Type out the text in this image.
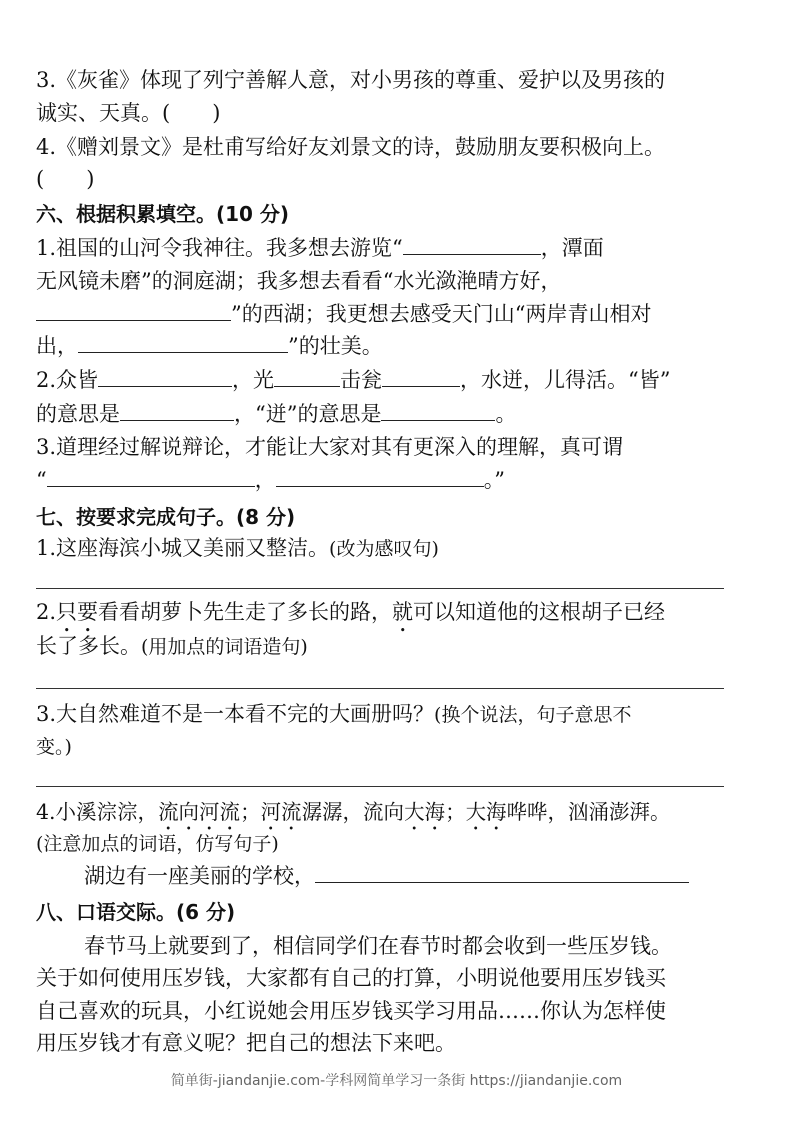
3.《灰雀》体现了列宁善解人意，对小男孩的尊重、爱护以及男孩的
诚实、天真。(　　)
4.《赠刘景文》是杜甫写给好友刘景文的诗，鼓励朋友要积极向上。
(　　)
六、根据积累填空。(10 分)
1.祖国的山河令我神往。我多想去游览“	，潭面
无风镜未磨”的洞庭湖；我多想去看看“水光潋滟晴方好，
”的西湖；我更想去感受天门山“两岸青山相对
出，	”的壮美。
2.众皆	，光	击瓮	，水迸，儿得活。“皆”
的意思是	，“迸”的意思是	。
3.道理经过解说辩论，才能让大家对其有更深入的理解，真可谓
“	，	。”
七、按要求完成句子。(8 分)
1.这座海滨小城又美丽又整洁。(改为感叹句)
2.只要看看胡萝卜先生走了多长的路，就可以知道他的这根胡子已经
长了多长。(用加点的词语造句)
3.大自然难道不是一本看不完的大画册吗？(换个说法，句子意思不
变。)
4.小溪淙淙，流向河流；河流潺潺，流向大海；大海哗哗，汹涌澎湃。
(注意加点的词语，仿写句子)
湖边有一座美丽的学校，
八、口语交际。(6 分)
春节马上就要到了，相信同学们在春节时都会收到一些压岁钱。
关于如何使用压岁钱，大家都有自己的打算，小明说他要用压岁钱买
自己喜欢的玩具，小红说她会用压岁钱买学习用品……你认为怎样使
用压岁钱才有意义呢？把自己的想法下来吧。
简单街-jiandanjie.com-学科网简单学习一条街 https://jiandanjie.com
